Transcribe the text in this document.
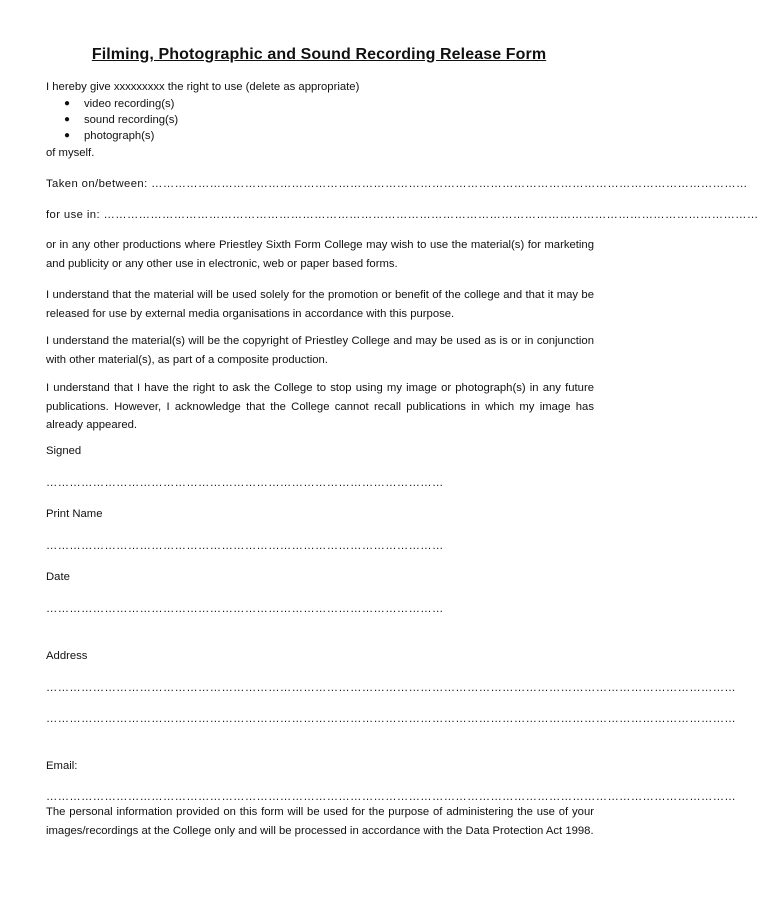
Filming, Photographic and Sound Recording Release Form
I hereby give xxxxxxxxx the right to use (delete as appropriate)
● video recording(s)
● sound recording(s)
● photograph(s)
of myself.
Taken on/between: ………………………………………………………………………………………………………………………………………
for use in: ……………………………………………………………………………………………………………………………………………………
or in any other productions where Priestley Sixth Form College may wish to use the material(s) for marketing and publicity or any other use in electronic, web or paper based forms.
I understand that the material will be used solely for the promotion or benefit of the college and that it may be released for use by external media organisations in accordance with this purpose.
I understand the material(s) will be the copyright of Priestley College and may be used as is or in conjunction with other material(s), as part of a composite production.
I understand that I have the right to ask the College to stop using my image or photograph(s) in any future publications. However, I acknowledge that the College cannot recall publications in which my image has already appeared.
Signed
…………………………………………………………………………………………
Print Name
…………………………………………………………………………………………
Date
…………………………………………………………………………………………
Address
……………………………………………………………………………………………………………………………………………………………
……………………………………………………………………………………………………………………………………………………………
Email:
……………………………………………………………………………………………………………………………………………………………
The personal information provided on this form will be used for the purpose of administering the use of your images/recordings at the College only and will be processed in accordance with the Data Protection Act 1998.
